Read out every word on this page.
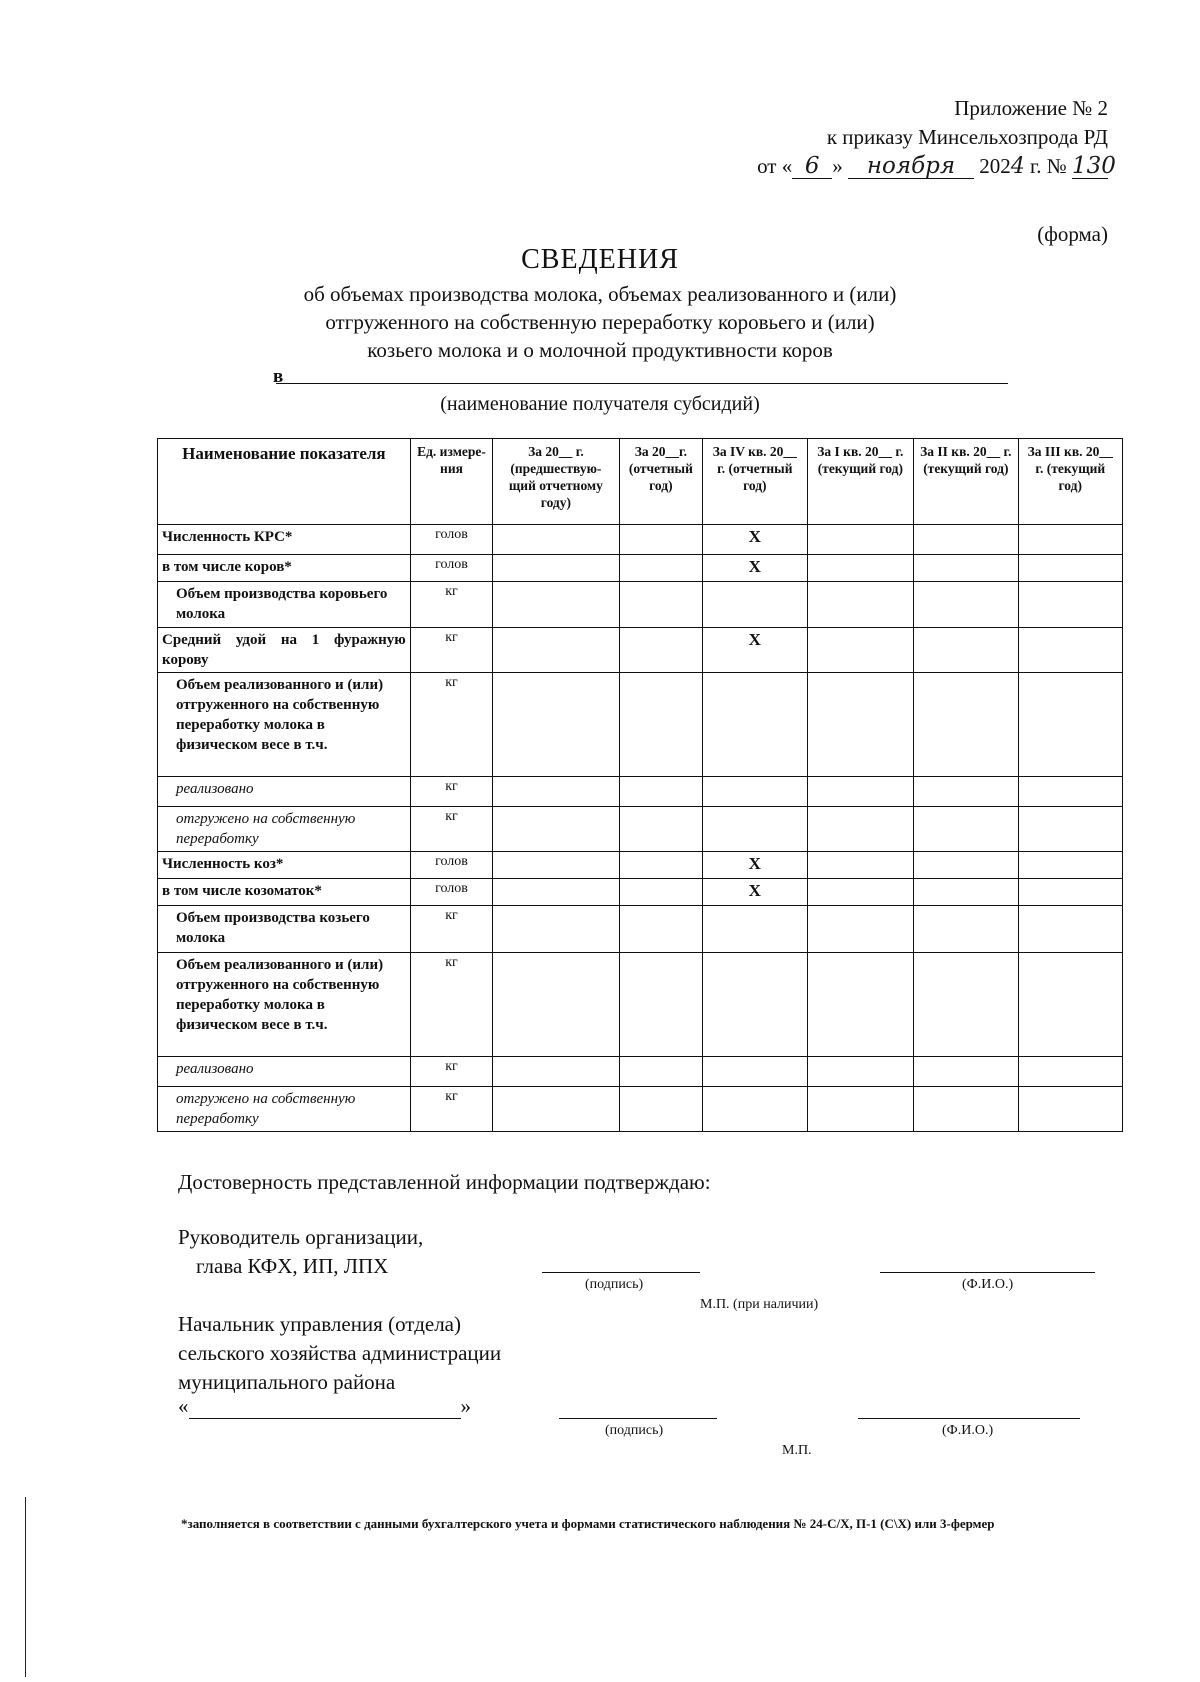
Приложение № 2
к приказу Минсельхозпрода РД
от « 6 » ноября 2024 г. № 130
(форма)
СВЕДЕНИЯ
об объемах производства молока, объемах реализованного и (или)
отгруженного на собственную переработку коровьего и (или)
козьего молока и о молочной продуктивности коров
в
(наименование получателя субсидий)
Наименование показателя	Ед. измере-ния	За 20__ г. (предшествую-щий отчетному году)	За 20__г. (отчетный год)	За IV кв. 20__ г. (отчетный год)	За I кв. 20__ г. (текущий год)	За II кв. 20__ г. (текущий год)	За III кв. 20__ г. (текущий год)
Численность КРС*	голов			X			
в том числе коров*	голов			X			
Объем производства коровьего молока	кг						
Средний удой на 1 фуражную корову	кг			X			
Объем реализованного и (или) отгруженного на собственную переработку молока в физическом весе в т.ч.	кг						
реализовано	кг						
отгружено на собственную переработку	кг						
Численность коз*	голов			X			
в том числе козоматок*	голов			X			
Объем производства козьего молока	кг						
Объем реализованного и (или) отгруженного на собственную переработку молока в физическом весе в т.ч.	кг						
реализовано	кг						
отгружено на собственную переработку	кг						
Достоверность представленной информации подтверждаю:
Руководитель организации,
глава КФХ, ИП, ЛПХ
(подпись)	(Ф.И.О.)
М.П. (при наличии)
Начальник управления (отдела)
сельского хозяйства администрации
муниципального района
«	»
(подпись)	(Ф.И.О.)
М.П.
*заполняется в соответствии с данными бухгалтерского учета и формами статистического наблюдения № 24-С/Х, П-1 (С\Х) или 3-фермер
